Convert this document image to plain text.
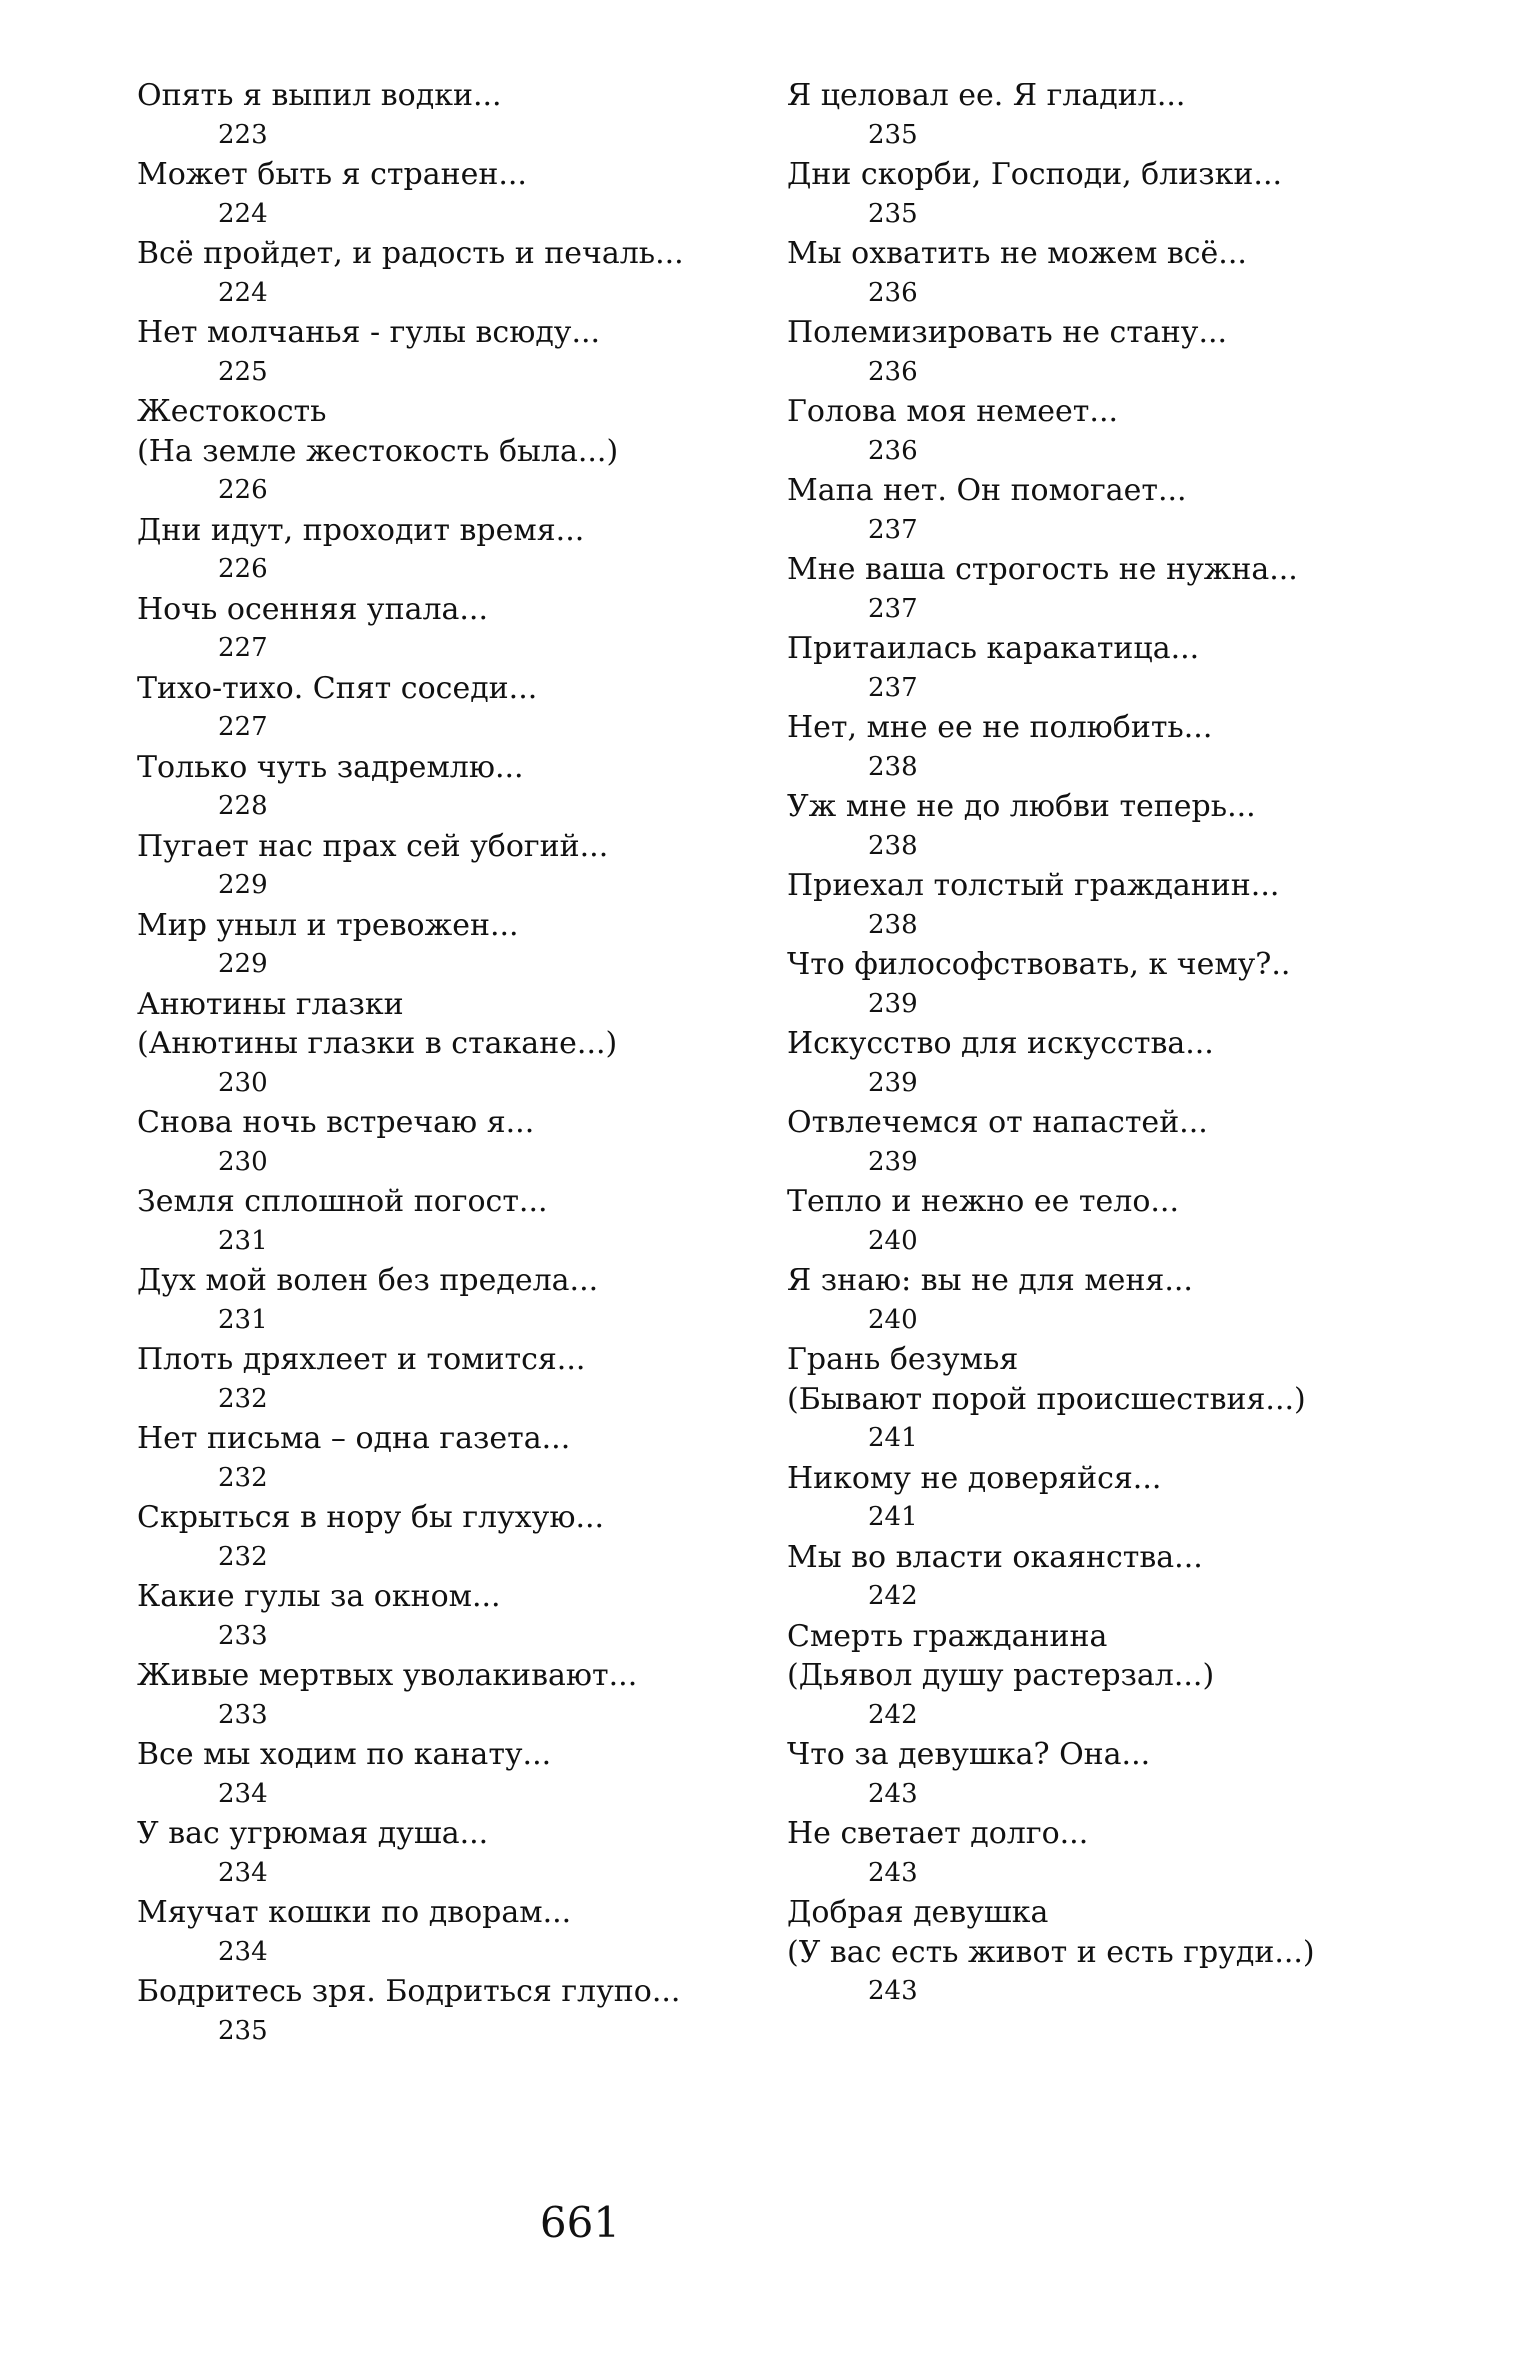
Опять я выпил водки...
223
Может быть я странен...
224
Всё пройдет, и радость и печаль...
224
Нет молчанья - гулы всюду...
225
Жестокость
(На земле жестокость была...)
226
Дни идут, проходит время...
226
Ночь осенняя упала...
227
Тихо-тихо. Спят соседи...
227
Только чуть задремлю...
228
Пугает нас прах сей убогий...
229
Мир уныл и тревожен...
229
Анютины глазки
(Анютины глазки в стакане...)
230
Снова ночь встречаю я...
230
Земля сплошной погост...
231
Дух мой волен без предела...
231
Плоть дряхлеет и томится...
232
Нет письма – одна газета...
232
Скрыться в нору бы глухую...
232
Какие гулы за окном...
233
Живые мертвых уволакивают...
233
Все мы ходим по канату...
234
У вас угрюмая душа...
234
Мяучат кошки по дворам...
234
Бодритесь зря. Бодриться глупо...
235
Я целовал ее. Я гладил...
235
Дни скорби, Господи, близки...
235
Мы охватить не можем всё...
236
Полемизировать не стану...
236
Голова моя немеет...
236
Мапа нет. Он помогает...
237
Мне ваша строгость не нужна...
237
Притаилась каракатица...
237
Нет, мне ее не полюбить...
238
Уж мне не до любви теперь...
238
Приехал толстый гражданин...
238
Что философствовать, к чему?..
239
Искусство для искусства...
239
Отвлечемся от напастей...
239
Тепло и нежно ее тело...
240
Я знаю: вы не для меня...
240
Грань безумья
(Бывают порой происшествия...)
241
Никому не доверяйся...
241
Мы во власти окаянства...
242
Смерть гражданина
(Дьявол душу растерзал...)
242
Что за девушка? Она...
243
Не светает долго...
243
Добрая девушка
(У вас есть живот и есть груди...)
243
661
